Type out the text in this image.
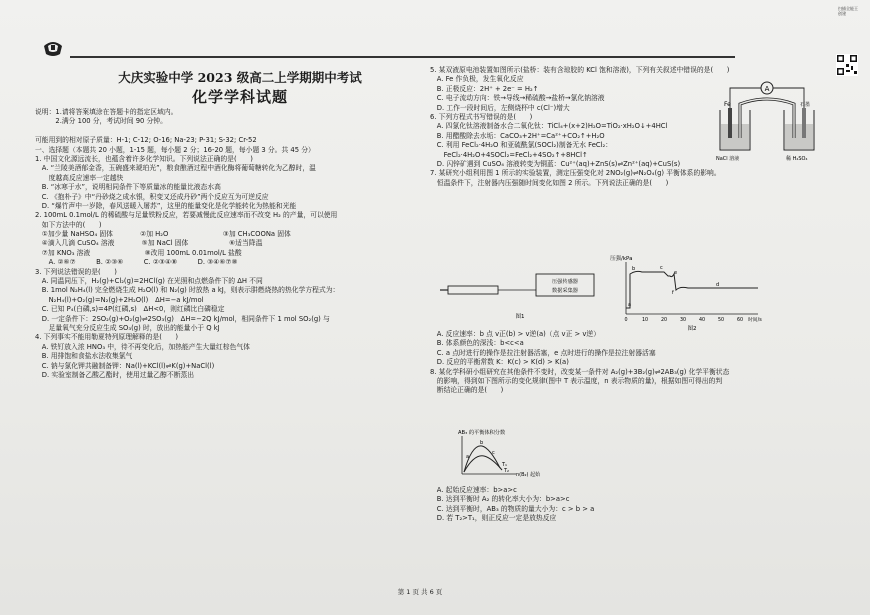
扫描全能王
创建
大庆实验中学 2023 级高二上学期期中考试
化学学科试题
说明：1.请将答案填涂在答题卡的指定区域内。
　　　2.满分 100 分，考试时间 90 分钟。
可能用到的相对原子质量：H-1; C-12; O-16; Na-23; P-31; S-32; Cr-52
一、选择题（本题共 20 小题，1-15 题，每小题 2 分；16-20 题，每小题 3 分。共 45 分）
1. 中国文化源远流长，也蕴含着许多化学知识。下列说法正确的是(　　)
　A. “兰陵美酒郁金香，玉碗盛来琥珀光”，粮食酿酒过程中酒化酶将葡萄糖转化为乙醇时，温
　　度越高反应速率一定越快
　B. “冰寒于水”，说明相同条件下等质量冰的能量比液态水高
　C. 《抱朴子》中“丹砂烧之成水银，积变又还成丹砂”两个反应互为可逆反应
　D. “爆竹声中一岁除，春风送暖入屠苏”，这里的能量变化是化学能转化为热能和光能
2. 100mL 0.1mol/L 的稀硫酸与足量铁粉反应，若要减慢此反应速率而不改变 H₂ 的产量，可以使用
　如下方法中的(　　)
　①加少量 NaHSO₄ 固体　　　　②加 H₂O　　　　　　　　③加 CH₃COONa 固体
　④滴入几滴 CuSO₄ 溶液　　　　⑤加 NaCl 固体　　　　　　⑥适当降温
　⑦加 KNO₃ 溶液　　　　　　　　⑧改用 100mL 0.01mol/L 盐酸
　　A. ②⑥⑦　　　B. ②③⑥　　　C. ②③④⑧　　　D. ③④⑥⑦⑧
3. 下列说法错误的是(　　)
　A. 同温同压下，H₂(g)+Cl₂(g)=2HCl(g) 在光照和点燃条件下的 ΔH 不同
　B. 1mol N₂H₄(l) 完全燃烧生成 H₂O(l) 和 N₂(g) 时放热 a kJ，则表示肼燃烧热的热化学方程式为：
　　N₂H₄(l)+O₂(g)=N₂(g)+2H₂O(l)　ΔH=−a kJ/mol
　C. 已知 P₄(白磷,s)=4P(红磷,s)　ΔH<0，则红磷比白磷稳定
　D. 一定条件下：2SO₂(g)+O₂(g)⇌2SO₃(g)　ΔH=−2Q kJ/mol，相同条件下 1 mol SO₂(g) 与
　　足量氧气充分反应生成 SO₃(g) 时，放出的能量小于 Q kJ
4. 下列事实不能用勒夏特列原理解释的是(　　)
　A. 铁钉放入浓 HNO₃ 中，待不再变化后，加热能产生大量红棕色气体
　B. 用排饱和食盐水法收集氯气
　C. 钠与氯化钾共融制备钾：Na(l)+KCl(l)⇌K(g)+NaCl(l)
　D. 实验室制备乙酸乙酯时，使用过量乙醇不断蒸出
5. 某双液原电池装置如图所示(盐桥：装有含琼胶的 KCl 饱和溶液)，下列有关叙述中错误的是(　　)
　A. Fe 作负极，发生氧化反应
　B. 正极反应：2H⁺ + 2e⁻ = H₂↑
　C. 电子流动方向：铁→导线→稀硫酸→盐桥→氯化钠溶液
　D. 工作一段时间后，左侧烧杯中 c(Cl⁻)增大
6. 下列方程式书写错误的是(　　)
　A. 四氯化钛溶液制备水合二氧化钛：TiCl₄+(x+2)H₂O=TiO₂·xH₂O↓+4HCl
　B. 用醋酸除去水垢：CaCO₃+2H⁺=Ca²⁺+CO₂↑+H₂O
　C. 利用 FeCl₂·4H₂O 和亚硫酰氯(SOCl₂)制备无水 FeCl₂：
　　FeCl₂·4H₂O+4SOCl₂=FeCl₂+4SO₂↑+8HCl↑
　D. 闪锌矿遇到 CuSO₄ 溶液转变为铜蓝：Cu²⁺(aq)+ZnS(s)⇌Zn²⁺(aq)+CuS(s)
7. 某研究小组利用图 1 所示的实验装置，测定压强变化对 2NO₂(g)⇌N₂O₄(g) 平衡体系的影响。
　恒温条件下，注射器内压强随时间变化如图 2 所示。下列说法正确的是(　　)
A
Fe	石墨
NaCl 溶液	稀 H₂SO₄
压强传感器
数据采集器
图1
压强/kPa
a
b	c
d
e
f
0	10	20	30	40	50	60 时间/s
图2
　A. 反应速率：b 点 v正(b) > v逆(a)（点 v正 > v逆）
　B. 体系颜色的深浅：b<c<a
　C. a 点时进行的操作是拉注射器活塞，e 点时进行的操作是拉注射器活塞
　D. 反应的平衡常数 K：K(c) > K(d) > K(a)
8. 某化学科研小组研究在其他条件不变时，改变某一条件对 A₂(g)+3B₂(g)⇌2AB₃(g) 化学平衡状态
　的影响，得到如下图所示的变化规律(图中 T 表示温度，n 表示物质的量)，根据如图可得出的判
　断结论正确的是(　　)
AB₃ 的平衡体积分数
T₁
T₂
a
b
c
n(B₂) 起始
　A. 起始反应速率：b>a>c
　B. 达到平衡时 A₂ 的转化率大小为：b>a>c
　C. 达到平衡时，AB₃ 的物质的量大小为：c > b > a
　D. 若 T₂>T₁，则正反应一定是放热反应
第 1 页 共 6 页
